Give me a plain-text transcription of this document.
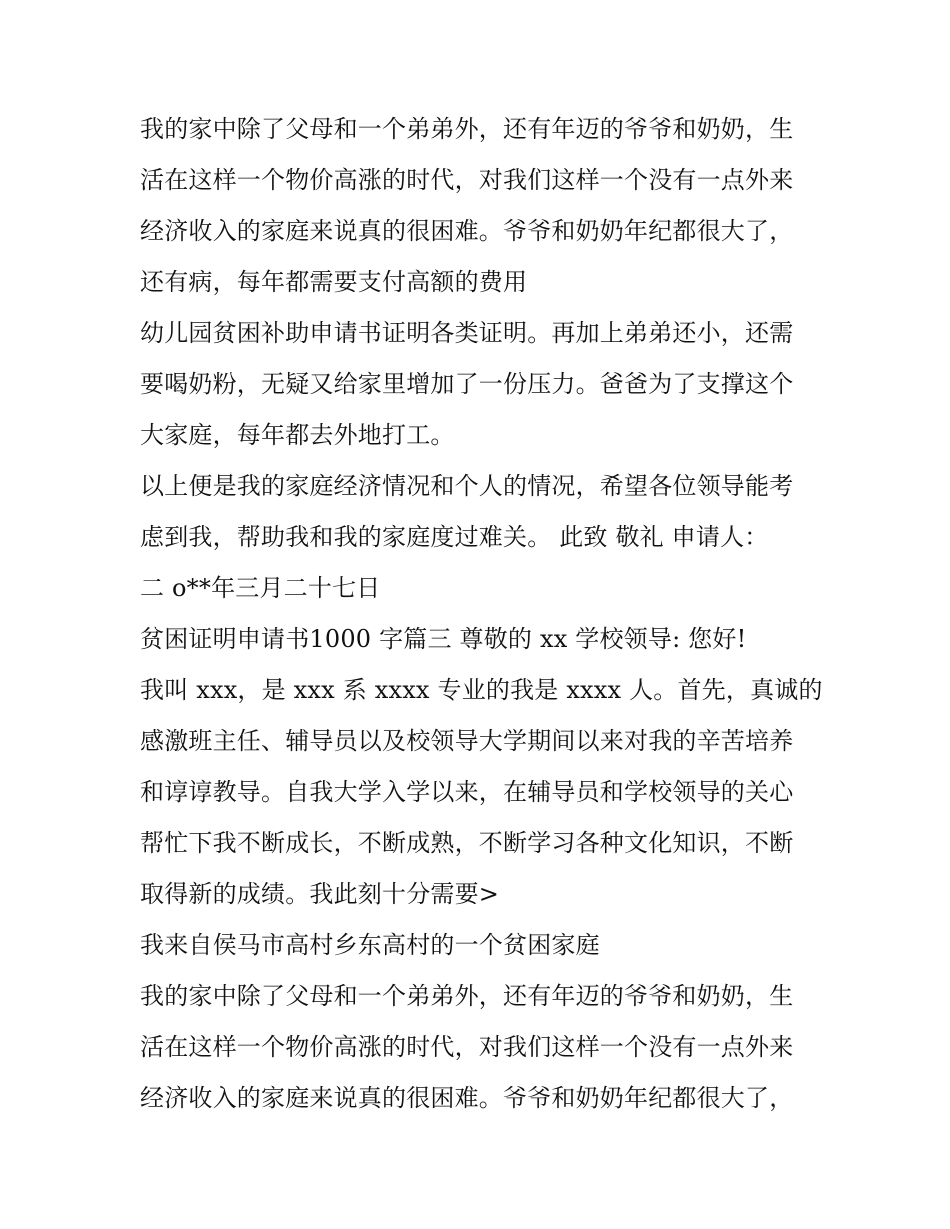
我的家中除了父母和一个弟弟外，还有年迈的爷爷和奶奶，生
活在这样一个物价高涨的时代，对我们这样一个没有一点外来
经济收入的家庭来说真的很困难。爷爷和奶奶年纪都很大了，
还有病，每年都需要支付高额的费用
幼儿园贫困补助申请书证明各类证明。再加上弟弟还小，还需
要喝奶粉，无疑又给家里增加了一份压力。爸爸为了支撑这个
大家庭，每年都去外地打工。
以上便是我的家庭经济情况和个人的情况，希望各位领导能考
虑到我，帮助我和我的家庭度过难关。 此致 敬礼 申请人：
二 o**年三月二十七日
贫困证明申请书1000 字篇三 尊敬的 xx 学校领导: 您好!
我叫 xxx，是 xxx 系 xxxx 专业的我是 xxxx 人。首先，真诚的
感激班主任、辅导员以及校领导大学期间以来对我的辛苦培养
和谆谆教导。自我大学入学以来，在辅导员和学校领导的关心
帮忙下我不断成长，不断成熟，不断学习各种文化知识，不断
取得新的成绩。我此刻十分需要>
我来自侯马市高村乡东高村的一个贫困家庭
我的家中除了父母和一个弟弟外，还有年迈的爷爷和奶奶，生
活在这样一个物价高涨的时代，对我们这样一个没有一点外来
经济收入的家庭来说真的很困难。爷爷和奶奶年纪都很大了，
